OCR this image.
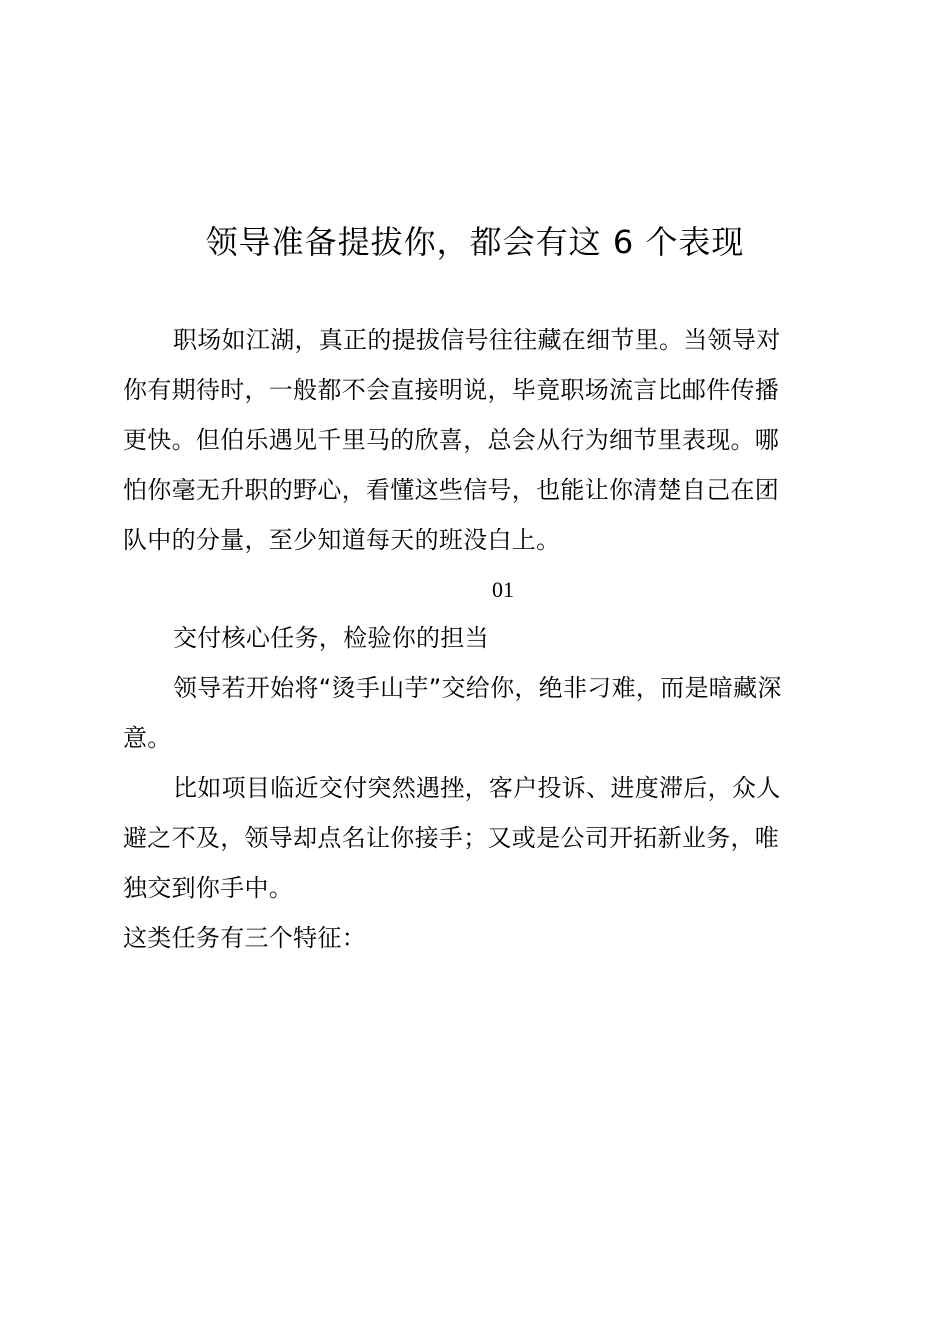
领导准备提拔你，都会有这 6 个表现
职场如江湖，真正的提拔信号往往藏在细节里。当领导对
你有期待时，一般都不会直接明说，毕竟职场流言比邮件传播
更快。但伯乐遇见千里马的欣喜，总会从行为细节里表现。哪
怕你毫无升职的野心，看懂这些信号，也能让你清楚自己在团
队中的分量，至少知道每天的班没白上。
01
交付核心任务，检验你的担当
领导若开始将“烫手山芋”交给你，绝非刁难，而是暗藏深
意。
比如项目临近交付突然遇挫，客户投诉、进度滞后，众人
避之不及，领导却点名让你接手；又或是公司开拓新业务，唯
独交到你手中。
这类任务有三个特征：
